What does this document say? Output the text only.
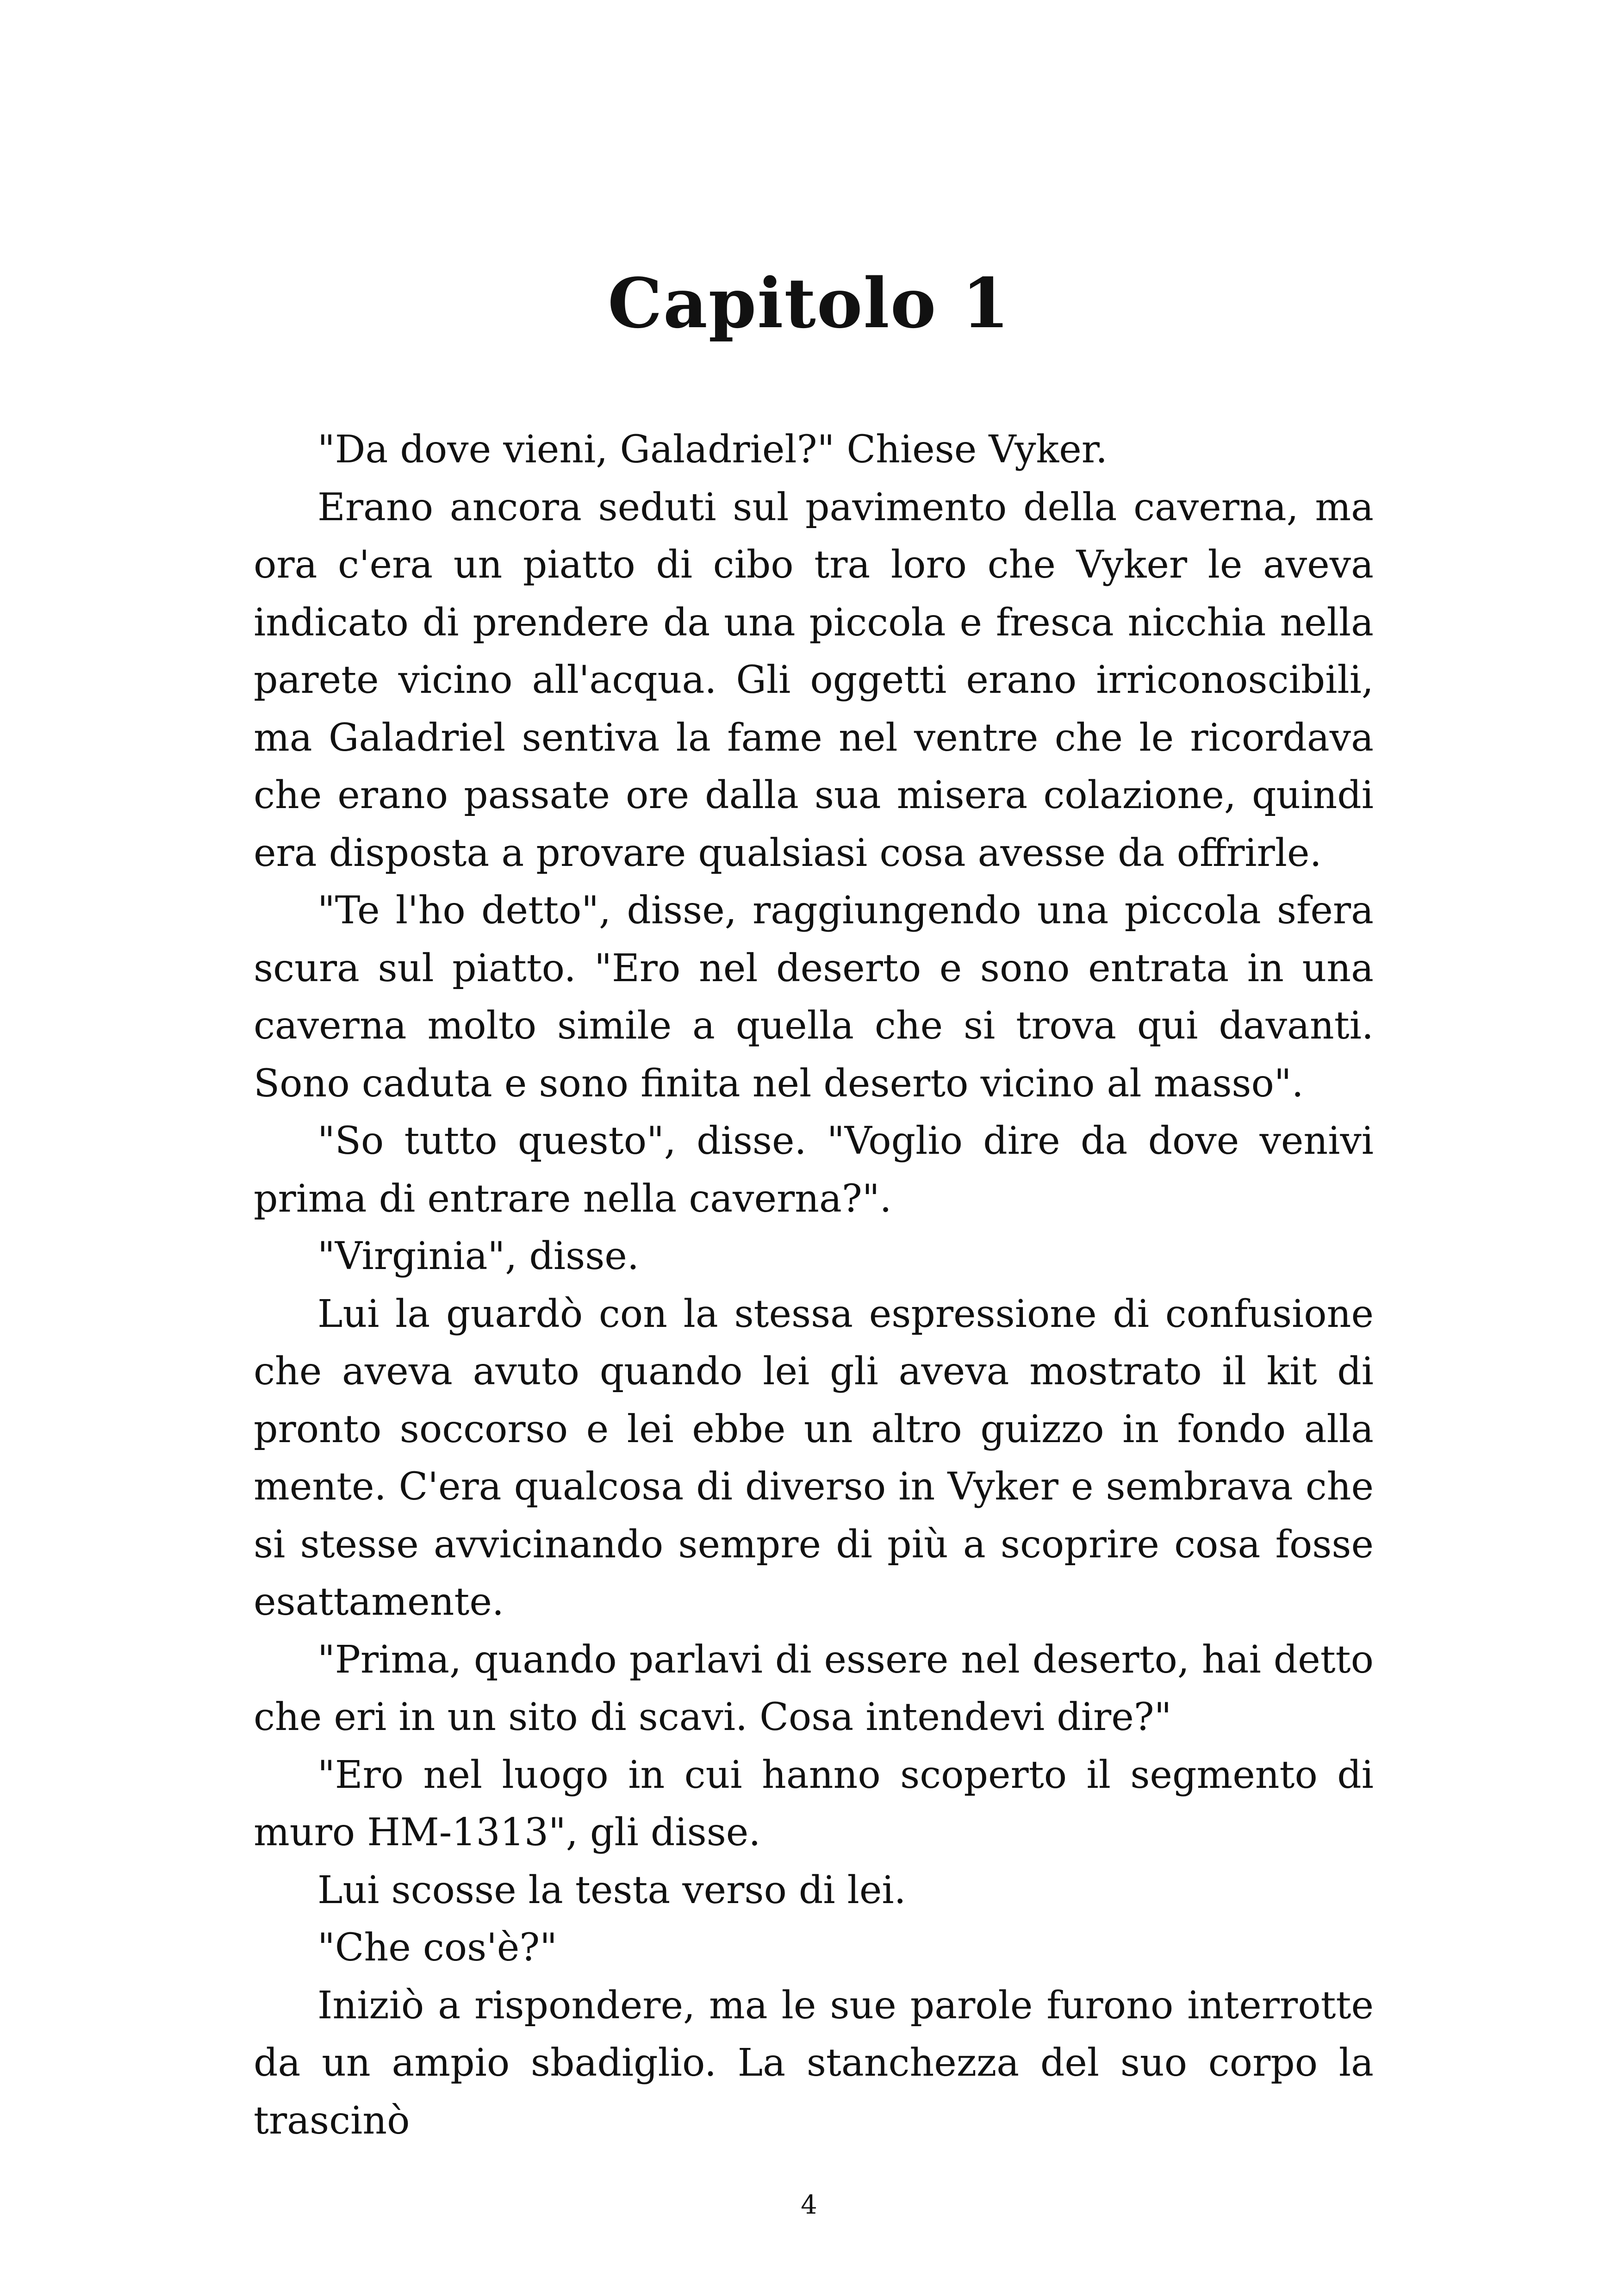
Capitolo 1

"Da dove vieni, Galadriel?" Chiese Vyker.

Erano ancora seduti sul pavimento della caverna, ma ora c'era un piatto di cibo tra loro che Vyker le aveva indicato di prendere da una piccola e fresca nicchia nella parete vicino all'acqua. Gli oggetti erano irriconoscibili, ma Galadriel sentiva la fame nel ventre che le ricordava che erano passate ore dalla sua misera colazione, quindi era disposta a provare qualsiasi cosa avesse da offrirle.

"Te l'ho detto", disse, raggiungendo una piccola sfera scura sul piatto. "Ero nel deserto e sono entrata in una caverna molto simile a quella che si trova qui davanti. Sono caduta e sono finita nel deserto vicino al masso".

"So tutto questo", disse. "Voglio dire da dove venivi prima di entrare nella caverna?".

"Virginia", disse.

Lui la guardò con la stessa espressione di confusione che aveva avuto quando lei gli aveva mostrato il kit di pronto soccorso e lei ebbe un altro guizzo in fondo alla mente. C'era qualcosa di diverso in Vyker e sembrava che si stesse avvicinando sempre di più a scoprire cosa fosse esattamente.

"Prima, quando parlavi di essere nel deserto, hai detto che eri in un sito di scavi. Cosa intendevi dire?"

"Ero nel luogo in cui hanno scoperto il segmento di muro HM-1313", gli disse.

Lui scosse la testa verso di lei.

"Che cos'è?"

Iniziò a rispondere, ma le sue parole furono interrotte da un ampio sbadiglio. La stanchezza del suo corpo la trascinò

4
